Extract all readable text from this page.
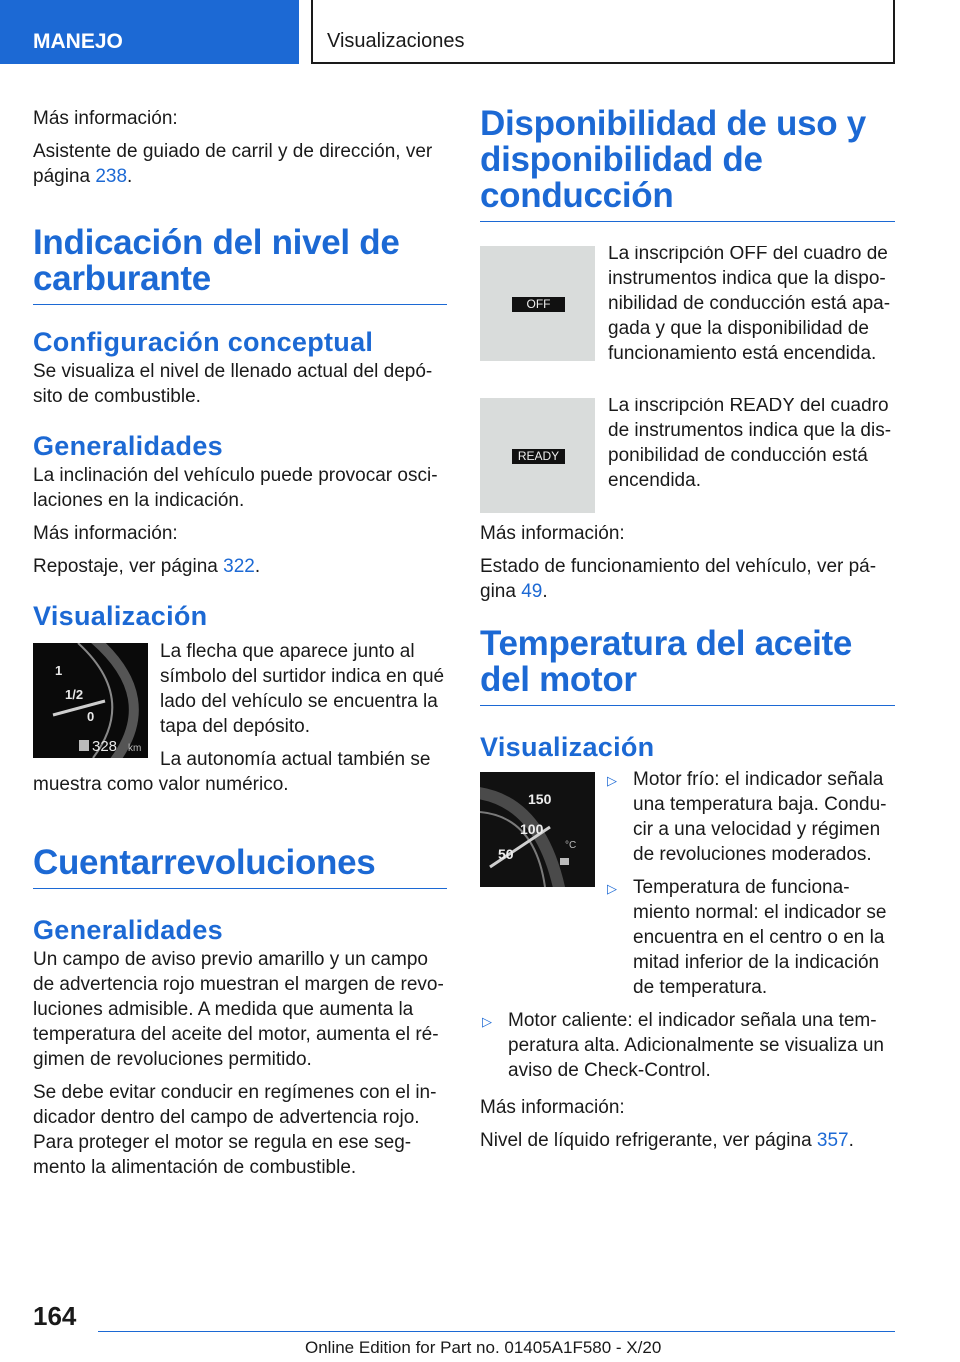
MANEJO	Visualizaciones

Más información:

Asistente de guiado de carril y de dirección, ver página 238.

Indicación del nivel de carburante
Configuración conceptual

Se visualiza el nivel de llenado actual del depó-sito de combustible.

Generalidades

La inclinación del vehículo puede provocar osci-laciones en la indicación.

Más información:

Repostaje, ver página 322.

Visualización
1
1/2
0
328 km

La flecha que aparece junto al símbolo del surtidor indica en qué lado del vehículo se encuentra la tapa del depósito.

La autonomía actual también se muestra como valor numérico.

Cuentarrevoluciones
Generalidades

Un campo de aviso previo amarillo y un campo de advertencia rojo muestran el margen de revo-luciones admisible. A medida que aumenta la temperatura del aceite del motor, aumenta el ré-gimen de revoluciones permitido.

Se debe evitar conducir en regímenes con el in-dicador dentro del campo de advertencia rojo. Para proteger el motor se regula en ese seg-mento la alimentación de combustible.

Disponibilidad de uso y disponibilidad de conducción
OFF

La inscripción OFF del cuadro de instrumentos indica que la dispo-nibilidad de conducción está apa-gada y que la disponibilidad de funcionamiento está encendida.

READY

La inscripción READY del cuadro de instrumentos indica que la dis-ponibilidad de conducción está encendida.

Más información:

Estado de funcionamiento del vehículo, ver pá-gina 49.

Temperatura del aceite del motor
Visualización
150
100
50
°C
▷ Motor frío: el indicador señala una temperatura baja. Condu-cir a una velocidad y régimen de revoluciones moderados.
▷ Temperatura de funciona-miento normal: el indicador se encuentra en el centro o en la mitad inferior de la indicación de temperatura.
▷ Motor caliente: el indicador señala una tem-peratura alta. Adicionalmente se visualiza un aviso de Check-Control.

Más información:

Nivel de líquido refrigerante, ver página 357.

164
Online Edition for Part no. 01405A1F580 - X/20
